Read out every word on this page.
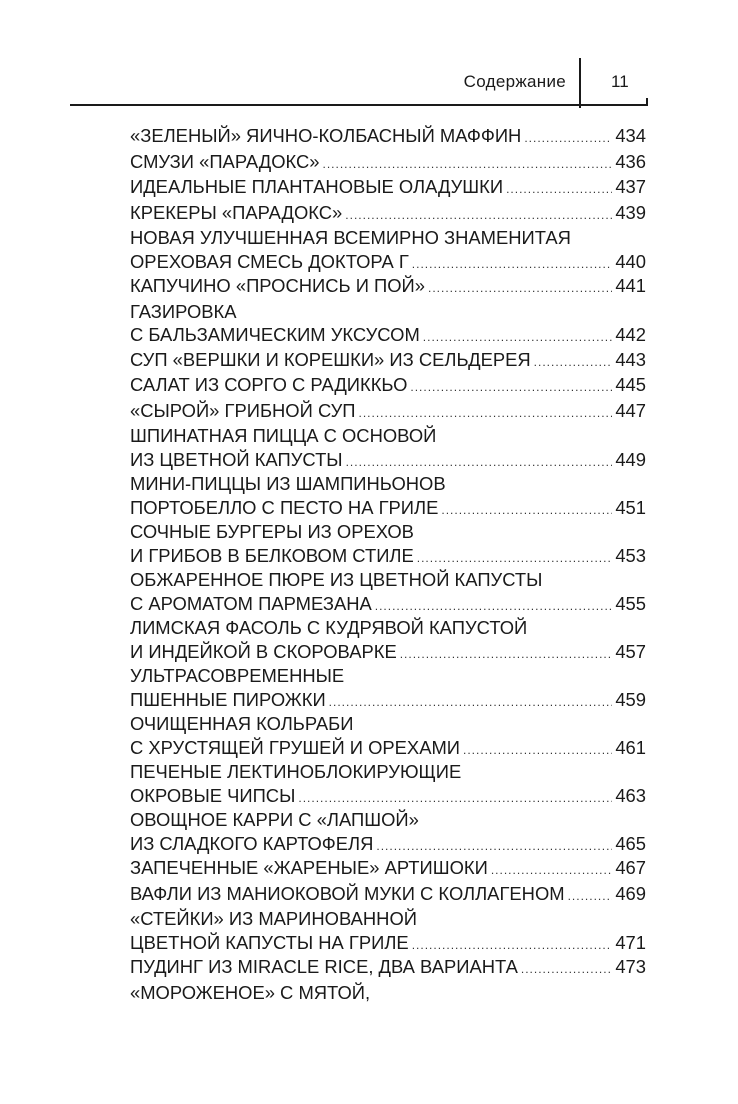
Содержание	11
«ЗЕЛЕНЫЙ» ЯИЧНО-КОЛБАСНЫЙ МАФФИН .....	434
СМУЗИ «ПАРАДОКС» .....	436
ИДЕАЛЬНЫЕ ПЛАНТАНОВЫЕ ОЛАДУШКИ .....	437
КРЕКЕРЫ «ПАРАДОКС» .....	439
НОВАЯ УЛУЧШЕННАЯ ВСЕМИРНО ЗНАМЕНИТАЯ
ОРЕХОВАЯ СМЕСЬ ДОКТОРА Г .....	440
КАПУЧИНО «ПРОСНИСЬ И ПОЙ» .....	441
ГАЗИРОВКА
С БАЛЬЗАМИЧЕСКИМ УКСУСОМ .....	442
СУП «ВЕРШКИ И КОРЕШКИ» ИЗ СЕЛЬДЕРЕЯ .....	443
САЛАТ ИЗ СОРГО С РАДИККЬО .....	445
«СЫРОЙ» ГРИБНОЙ СУП .....	447
ШПИНАТНАЯ ПИЦЦА С ОСНОВОЙ
ИЗ ЦВЕТНОЙ КАПУСТЫ .....	449
МИНИ-ПИЦЦЫ ИЗ ШАМПИНЬОНОВ
ПОРТОБЕЛЛО С ПЕСТО НА ГРИЛЕ .....	451
СОЧНЫЕ БУРГЕРЫ ИЗ ОРЕХОВ
И ГРИБОВ В БЕЛКОВОМ СТИЛЕ .....	453
ОБЖАРЕННОЕ ПЮРЕ ИЗ ЦВЕТНОЙ КАПУСТЫ
С АРОМАТОМ ПАРМЕЗАНА .....	455
ЛИМСКАЯ ФАСОЛЬ С КУДРЯВОЙ КАПУСТОЙ
И ИНДЕЙКОЙ В СКОРОВАРКЕ .....	457
УЛЬТРАСОВРЕМЕННЫЕ
ПШЕННЫЕ ПИРОЖКИ .....	459
ОЧИЩЕННАЯ КОЛЬРАБИ
С ХРУСТЯЩЕЙ ГРУШЕЙ И ОРЕХАМИ .....	461
ПЕЧЕНЫЕ ЛЕКТИНОБЛОКИРУЮЩИЕ
ОКРОВЫЕ ЧИПСЫ .....	463
ОВОЩНОЕ КАРРИ С «ЛАПШОЙ»
ИЗ СЛАДКОГО КАРТОФЕЛЯ .....	465
ЗАПЕЧЕННЫЕ «ЖАРЕНЫЕ» АРТИШОКИ .....	467
ВАФЛИ ИЗ МАНИОКОВОЙ МУКИ С КОЛЛАГЕНОМ .....	469
«СТЕЙКИ» ИЗ МАРИНОВАННОЙ
ЦВЕТНОЙ КАПУСТЫ НА ГРИЛЕ .....	471
ПУДИНГ ИЗ MIRACLE RICE, ДВА ВАРИАНТА .....	473
«МОРОЖЕНОЕ» С МЯТОЙ,
